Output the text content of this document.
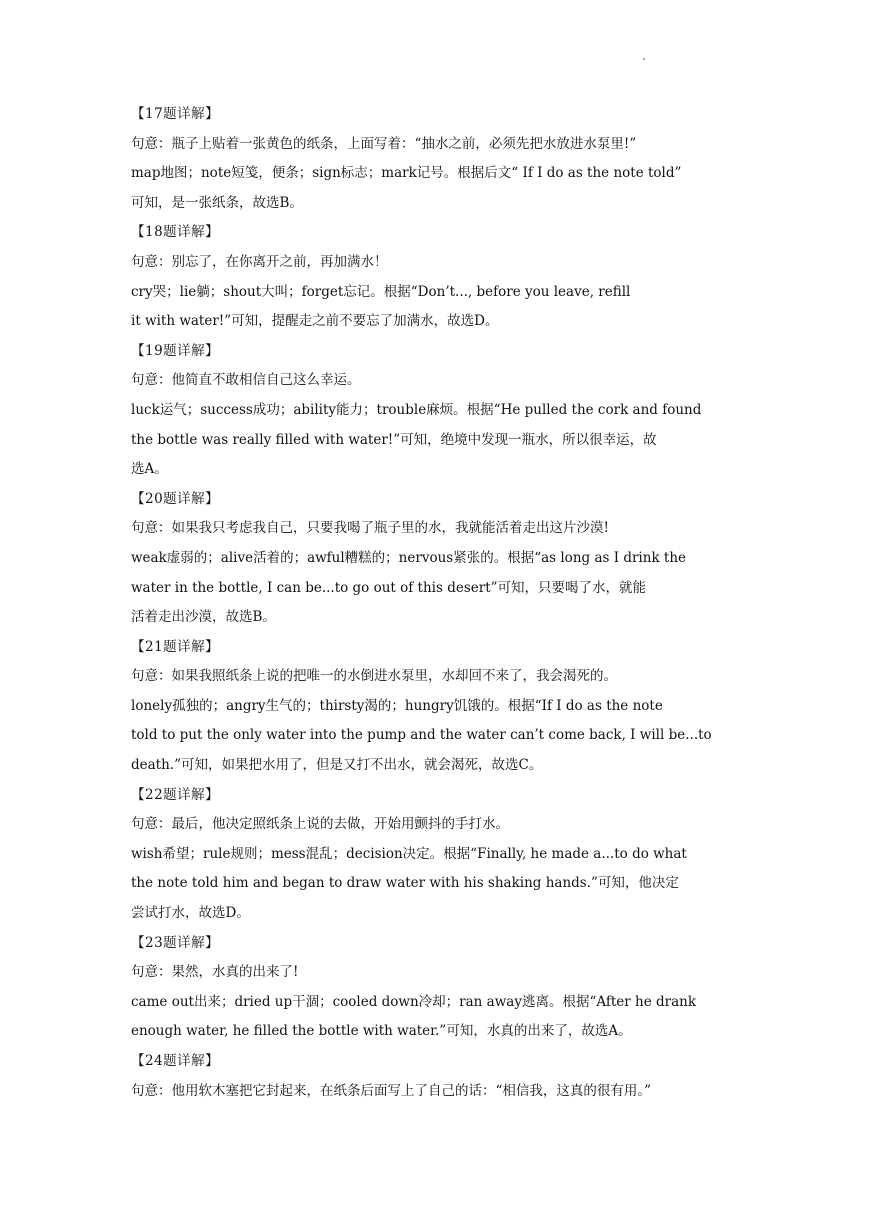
【17题详解】
句意：瓶子上贴着一张黄色的纸条，上面写着：“抽水之前，必须先把水放进水泵里!”
map地图；note短笺，便条；sign标志；mark记号。根据后文“ If I do as the note told”
可知，是一张纸条，故选B。
【18题详解】
句意：别忘了，在你离开之前，再加满水！
cry哭；lie躺；shout大叫；forget忘记。根据“Don’t..., before you leave, refill
it with water!”可知，提醒走之前不要忘了加满水，故选D。
【19题详解】
句意：他简直不敢相信自己这么幸运。
luck运气；success成功；ability能力；trouble麻烦。根据“He pulled the cork and found
the bottle was really filled with water!”可知，绝境中发现一瓶水，所以很幸运，故
选A。
【20题详解】
句意：如果我只考虑我自己，只要我喝了瓶子里的水，我就能活着走出这片沙漠!
weak虚弱的；alive活着的；awful糟糕的；nervous紧张的。根据“as long as I drink the
water in the bottle, I can be...to go out of this desert”可知，只要喝了水，就能
活着走出沙漠，故选B。
【21题详解】
句意：如果我照纸条上说的把唯一的水倒进水泵里，水却回不来了，我会渴死的。
lonely孤独的；angry生气的；thirsty渴的；hungry饥饿的。根据“If I do as the note
told to put the only water into the pump and the water can’t come back, I will be...to
death.”可知，如果把水用了，但是又打不出水，就会渴死，故选C。
【22题详解】
句意：最后，他决定照纸条上说的去做，开始用颤抖的手打水。
wish希望；rule规则；mess混乱；decision决定。根据“Finally, he made a...to do what
the note told him and began to draw water with his shaking hands.”可知，他决定
尝试打水，故选D。
【23题详解】
句意：果然，水真的出来了!
came out出来；dried up干涸；cooled down冷却；ran away逃离。根据“After he drank
enough water, he filled the bottle with water.”可知，水真的出来了，故选A。
【24题详解】
句意：他用软木塞把它封起来，在纸条后面写上了自己的话：“相信我，这真的很有用。”
